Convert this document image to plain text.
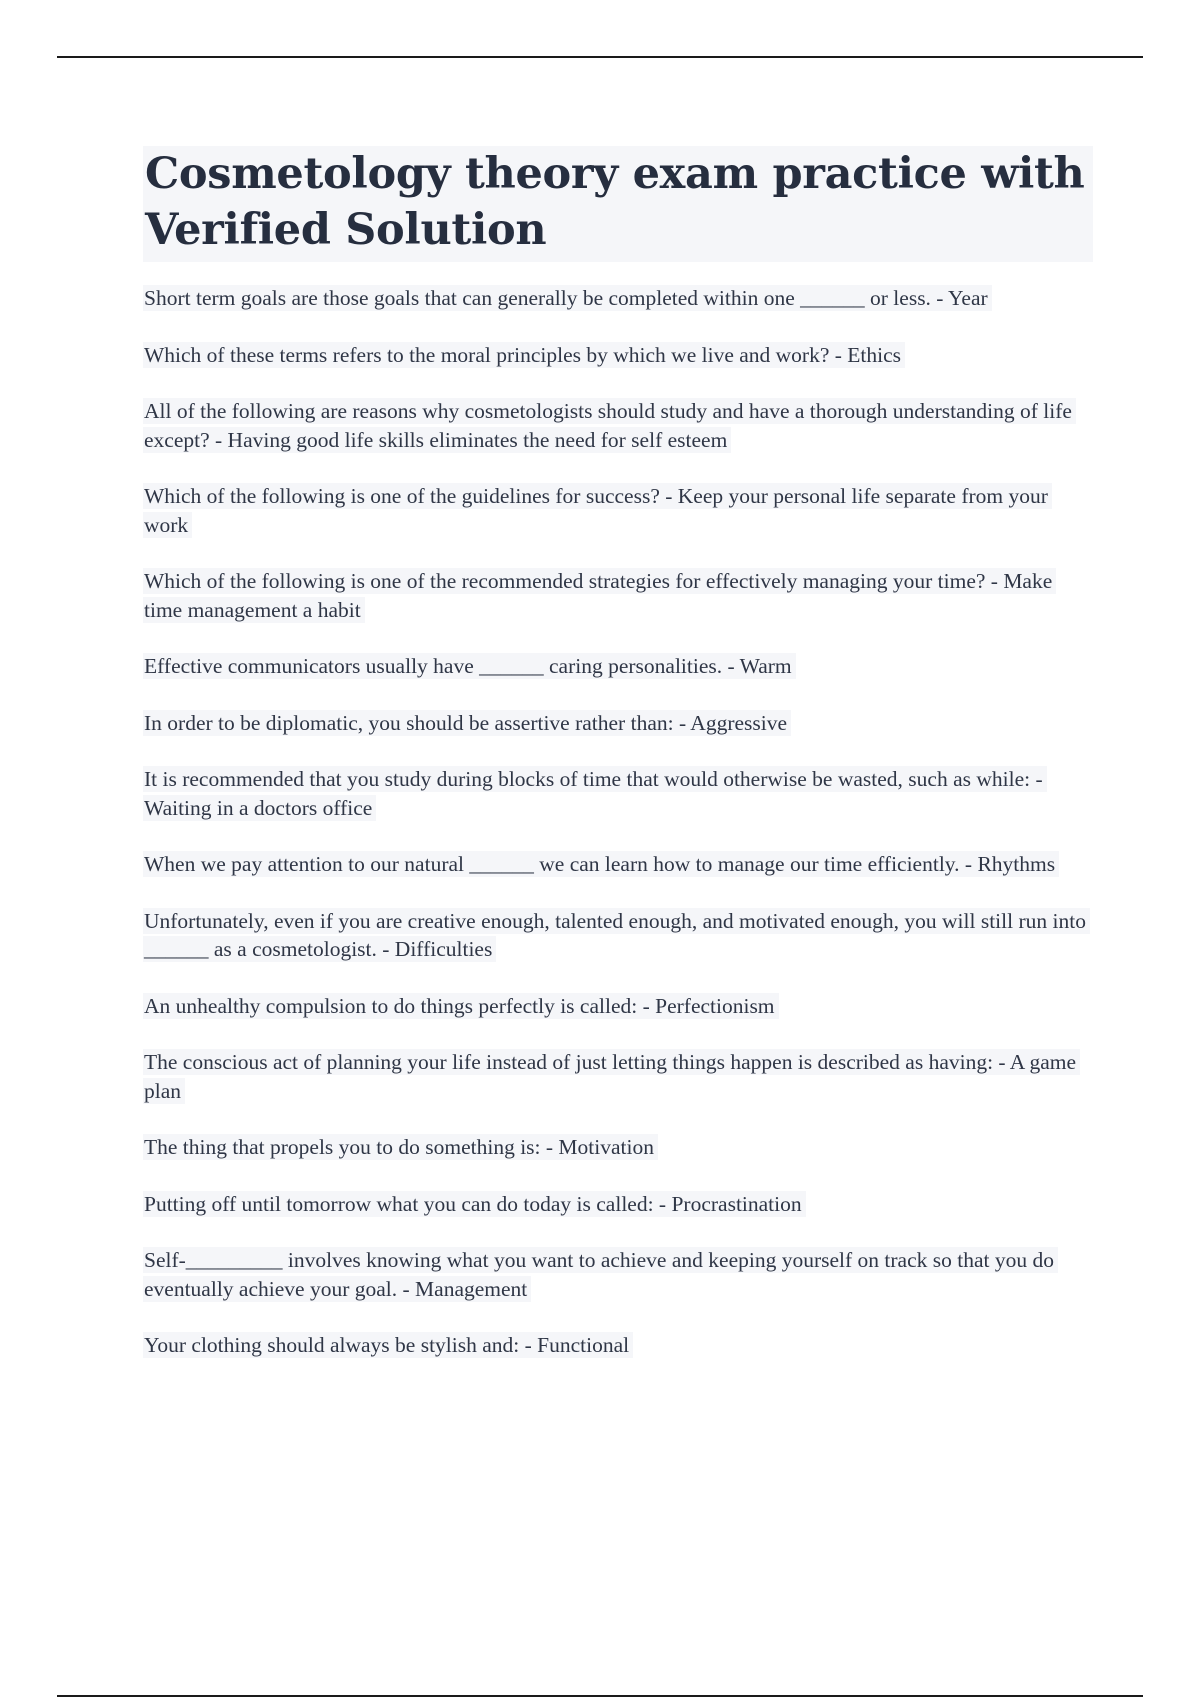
Cosmetology theory exam practice with Verified Solution

Short term goals are those goals that can generally be completed within one ______ or less. - Year

Which of these terms refers to the moral principles by which we live and work? - Ethics

All of the following are reasons why cosmetologists should study and have a thorough understanding of life except? - Having good life skills eliminates the need for self esteem

Which of the following is one of the guidelines for success? - Keep your personal life separate from your work

Which of the following is one of the recommended strategies for effectively managing your time? - Make time management a habit

Effective communicators usually have ______ caring personalities. - Warm

In order to be diplomatic, you should be assertive rather than: - Aggressive

It is recommended that you study during blocks of time that would otherwise be wasted, such as while: - Waiting in a doctors office

When we pay attention to our natural ______ we can learn how to manage our time efficiently. - Rhythms

Unfortunately, even if you are creative enough, talented enough, and motivated enough, you will still run into ______ as a cosmetologist. - Difficulties

An unhealthy compulsion to do things perfectly is called: - Perfectionism

The conscious act of planning your life instead of just letting things happen is described as having: - A game plan

The thing that propels you to do something is: - Motivation

Putting off until tomorrow what you can do today is called: - Procrastination

Self-_________ involves knowing what you want to achieve and keeping yourself on track so that you do eventually achieve your goal. - Management

Your clothing should always be stylish and: - Functional
